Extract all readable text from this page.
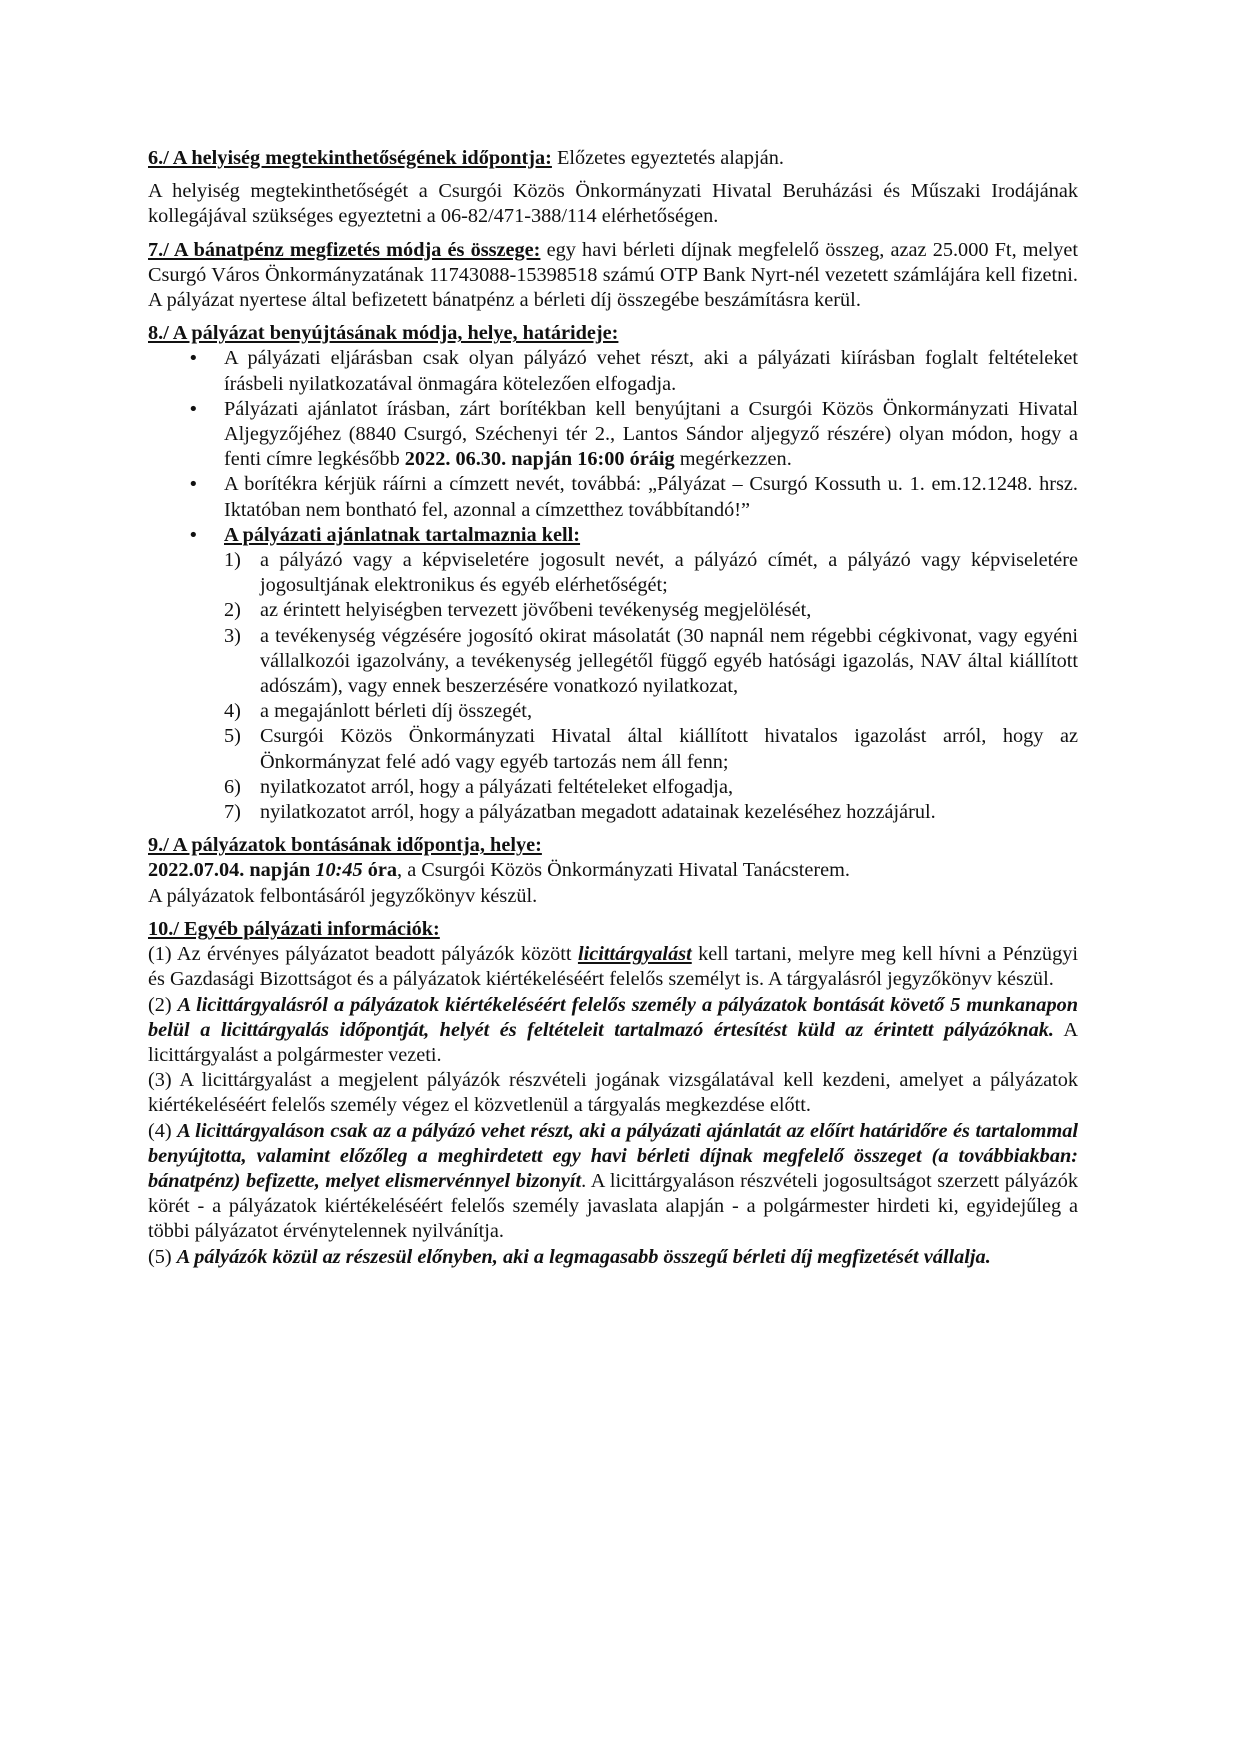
6./ A helyiség megtekinthetőségének időpontja: Előzetes egyeztetés alapján.

A helyiség megtekinthetőségét a Csurgói Közös Önkormányzati Hivatal Beruházási és Műszaki Irodájának kollegájával szükséges egyeztetni a 06-82/471-388/114 elérhetőségen.

7./ A bánatpénz megfizetés módja és összege: egy havi bérleti díjnak megfelelő összeg, azaz 25.000 Ft, melyet Csurgó Város Önkormányzatának 11743088-15398518 számú OTP Bank Nyrt-nél vezetett számlájára kell fizetni. A pályázat nyertese által befizetett bánatpénz a bérleti díj összegébe beszámításra kerül.

8./ A pályázat benyújtásának módja, helye, határideje:

• A pályázati eljárásban csak olyan pályázó vehet részt, aki a pályázati kiírásban foglalt feltételeket írásbeli nyilatkozatával önmagára kötelezően elfogadja.

• Pályázati ajánlatot írásban, zárt borítékban kell benyújtani a Csurgói Közös Önkormányzati Hivatal Aljegyzőjéhez (8840 Csurgó, Széchenyi tér 2., Lantos Sándor aljegyző részére) olyan módon, hogy a fenti címre legkésőbb 2022. 06.30. napján 16:00 óráig megérkezzen.

• A borítékra kérjük ráírni a címzett nevét, továbbá: „Pályázat – Csurgó Kossuth u. 1. em.12.1248. hrsz. Iktatóban nem bontható fel, azonnal a címzetthez továbbítandó!”

• A pályázati ajánlatnak tartalmaznia kell:

1) a pályázó vagy a képviseletére jogosult nevét, a pályázó címét, a pályázó vagy képviseletére jogosultjának elektronikus és egyéb elérhetőségét;

2) az érintett helyiségben tervezett jövőbeni tevékenység megjelölését,

3) a tevékenység végzésére jogosító okirat másolatát (30 napnál nem régebbi cégkivonat, vagy egyéni vállalkozói igazolvány, a tevékenység jellegétől függő egyéb hatósági igazolás, NAV által kiállított adószám), vagy ennek beszerzésére vonatkozó nyilatkozat,

4) a megajánlott bérleti díj összegét,

5) Csurgói Közös Önkormányzati Hivatal által kiállított hivatalos igazolást arról, hogy az Önkormányzat felé adó vagy egyéb tartozás nem áll fenn;

6) nyilatkozatot arról, hogy a pályázati feltételeket elfogadja,

7) nyilatkozatot arról, hogy a pályázatban megadott adatainak kezeléséhez hozzájárul.

9./ A pályázatok bontásának időpontja, helye:

2022.07.04. napján 10:45 óra, a Csurgói Közös Önkormányzati Hivatal Tanácsterem.

A pályázatok felbontásáról jegyzőkönyv készül.

10./ Egyéb pályázati információk:

(1) Az érvényes pályázatot beadott pályázók között licittárgyalást kell tartani, melyre meg kell hívni a Pénzügyi és Gazdasági Bizottságot és a pályázatok kiértékeléséért felelős személyt is. A tárgyalásról jegyzőkönyv készül.

(2) A licittárgyalásról a pályázatok kiértékeléséért felelős személy a pályázatok bontását követő 5 munkanapon belül a licittárgyalás időpontját, helyét és feltételeit tartalmazó értesítést küld az érintett pályázóknak. A licittárgyalást a polgármester vezeti.

(3) A licittárgyalást a megjelent pályázók részvételi jogának vizsgálatával kell kezdeni, amelyet a pályázatok kiértékeléséért felelős személy végez el közvetlenül a tárgyalás megkezdése előtt.

(4) A licittárgyaláson csak az a pályázó vehet részt, aki a pályázati ajánlatát az előírt határidőre és tartalommal benyújtotta, valamint előzőleg a meghirdetett egy havi bérleti díjnak megfelelő összeget (a továbbiakban: bánatpénz) befizette, melyet elismervénnyel bizonyít. A licittárgyaláson részvételi jogosultságot szerzett pályázók körét - a pályázatok kiértékeléséért felelős személy javaslata alapján - a polgármester hirdeti ki, egyidejűleg a többi pályázatot érvénytelennek nyilvánítja.

(5) A pályázók közül az részesül előnyben, aki a legmagasabb összegű bérleti díj megfizetését vállalja.
